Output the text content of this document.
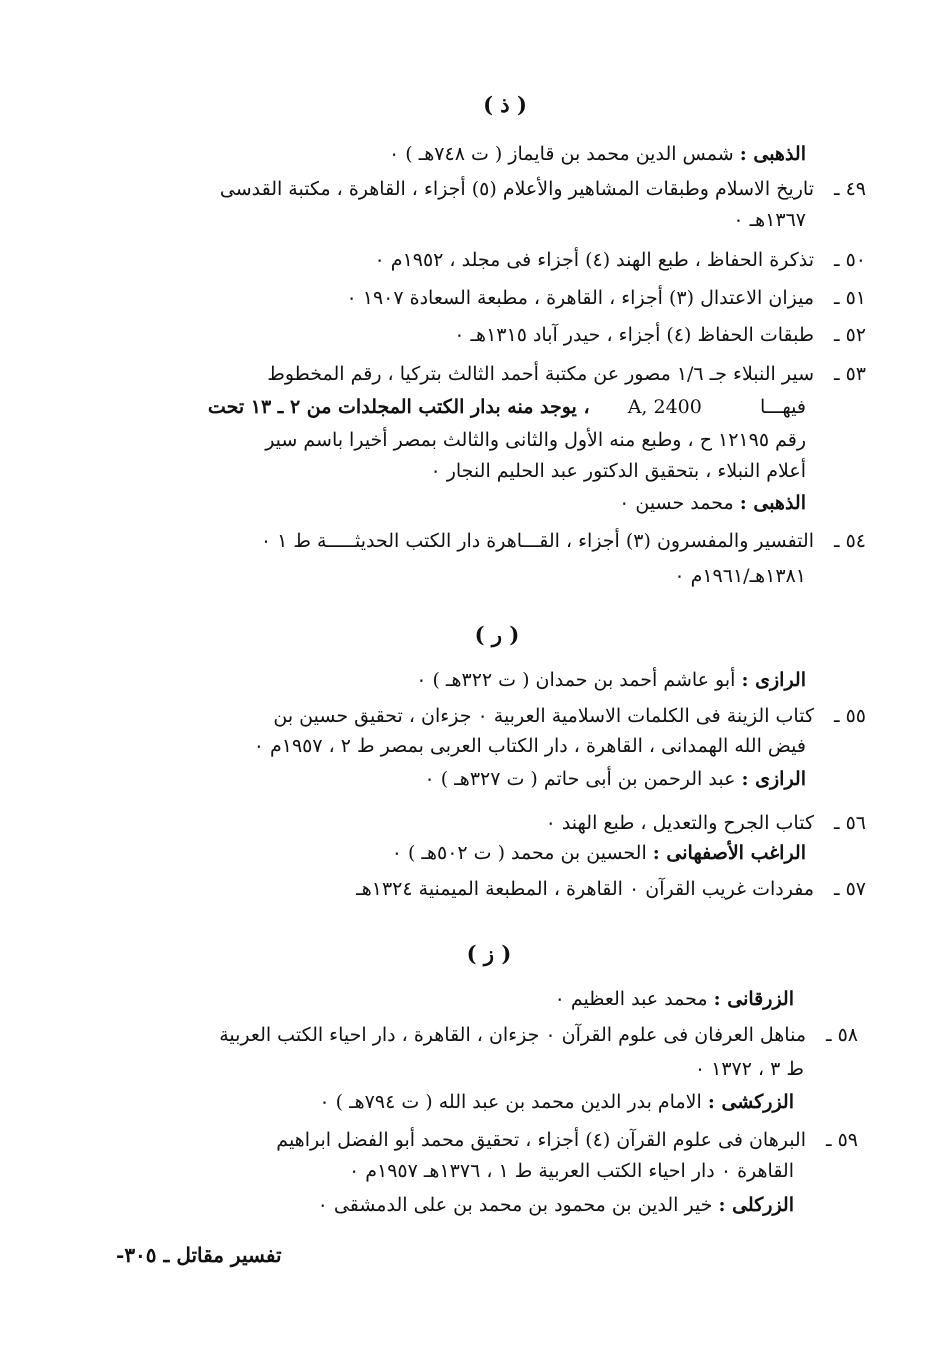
( ذ )
الذهبى : شمس الدين محمد بن قايماز ( ت ٧٤٨هـ ) ٠
٤٩ ـتاريخ الاسلام وطبقات المشاهير والأعلام (٥) أجزاء ، القاهرة ، مكتبة القدسى
١٣٦٧هـ ٠
٥٠ ـتذكرة الحفاظ ، طبع الهند (٤) أجزاء فى مجلد ، ١٩٥٢م ٠
٥١ ـميزان الاعتدال (٣) أجزاء ، القاهرة ، مطبعة السعادة ١٩٠٧ ٠
٥٢ ـطبقات الحفاظ (٤) أجزاء ، حيدر آباد ١٣١٥هـ ٠
٥٣ ـسير النبلاء جـ ١/٦ مصور عن مكتبة أحمد الثالث بتركيا ، رقم المخطوط
فيهـــا  A, 2400  ، يوجد منه بدار الكتب المجلدات من ٢ ـ ١٣ تحت
رقم ١٢١٩٥ ح ، وطبع منه الأول والثانى والثالث بمصر أخيرا باسم سير
أعلام النبلاء ، بتحقيق الدكتور عبد الحليم النجار ٠
الذهبى : محمد حسين ٠
٥٤ ـالتفسير والمفسرون (٣) أجزاء ، القـــاهرة دار الكتب الحديثـــــة ط ١ ٠
١٣٨١هـ/١٩٦١م ٠
( ر )
الرازى : أبو عاشم أحمد بن حمدان ( ت ٣٢٢هـ ) ٠
٥٥ ـكتاب الزينة فى الكلمات الاسلامية العربية ٠ جزءان ، تحقيق حسين بن
فيض الله الهمدانى ، القاهرة ، دار الكتاب العربى بمصر ط ٢ ، ١٩٥٧م ٠
الرازى : عبد الرحمن بن أبى حاتم ( ت ٣٢٧هـ ) ٠
٥٦ ـكتاب الجرح والتعديل ، طبع الهند ٠
الراغب الأصفهانى : الحسين بن محمد ( ت ٥٠٢هـ ) ٠
٥٧ ـمفردات غريب القرآن ٠ القاهرة ، المطبعة الميمنية ١٣٢٤هـ
( ز )
الزرقانى : محمد عبد العظيم ٠
٥٨ ـمناهل العرفان فى علوم القرآن ٠ جزءان ، القاهرة ، دار احياء الكتب العربية
ط ٣ ، ١٣٧٢ ٠
الزركشى : الامام بدر الدين محمد بن عبد الله ( ت ٧٩٤هـ ) ٠
٥٩ ـالبرهان فى علوم القرآن (٤) أجزاء ، تحقيق محمد أبو الفضل ابراهيم
القاهرة ٠ دار احياء الكتب العربية ط ١ ، ١٣٧٦هـ ١٩٥٧م ٠
الزركلى : خير الدين بن محمود بن محمد بن على الدمشقى ٠
تفسير مقاتل ـ ٣٠٥-
